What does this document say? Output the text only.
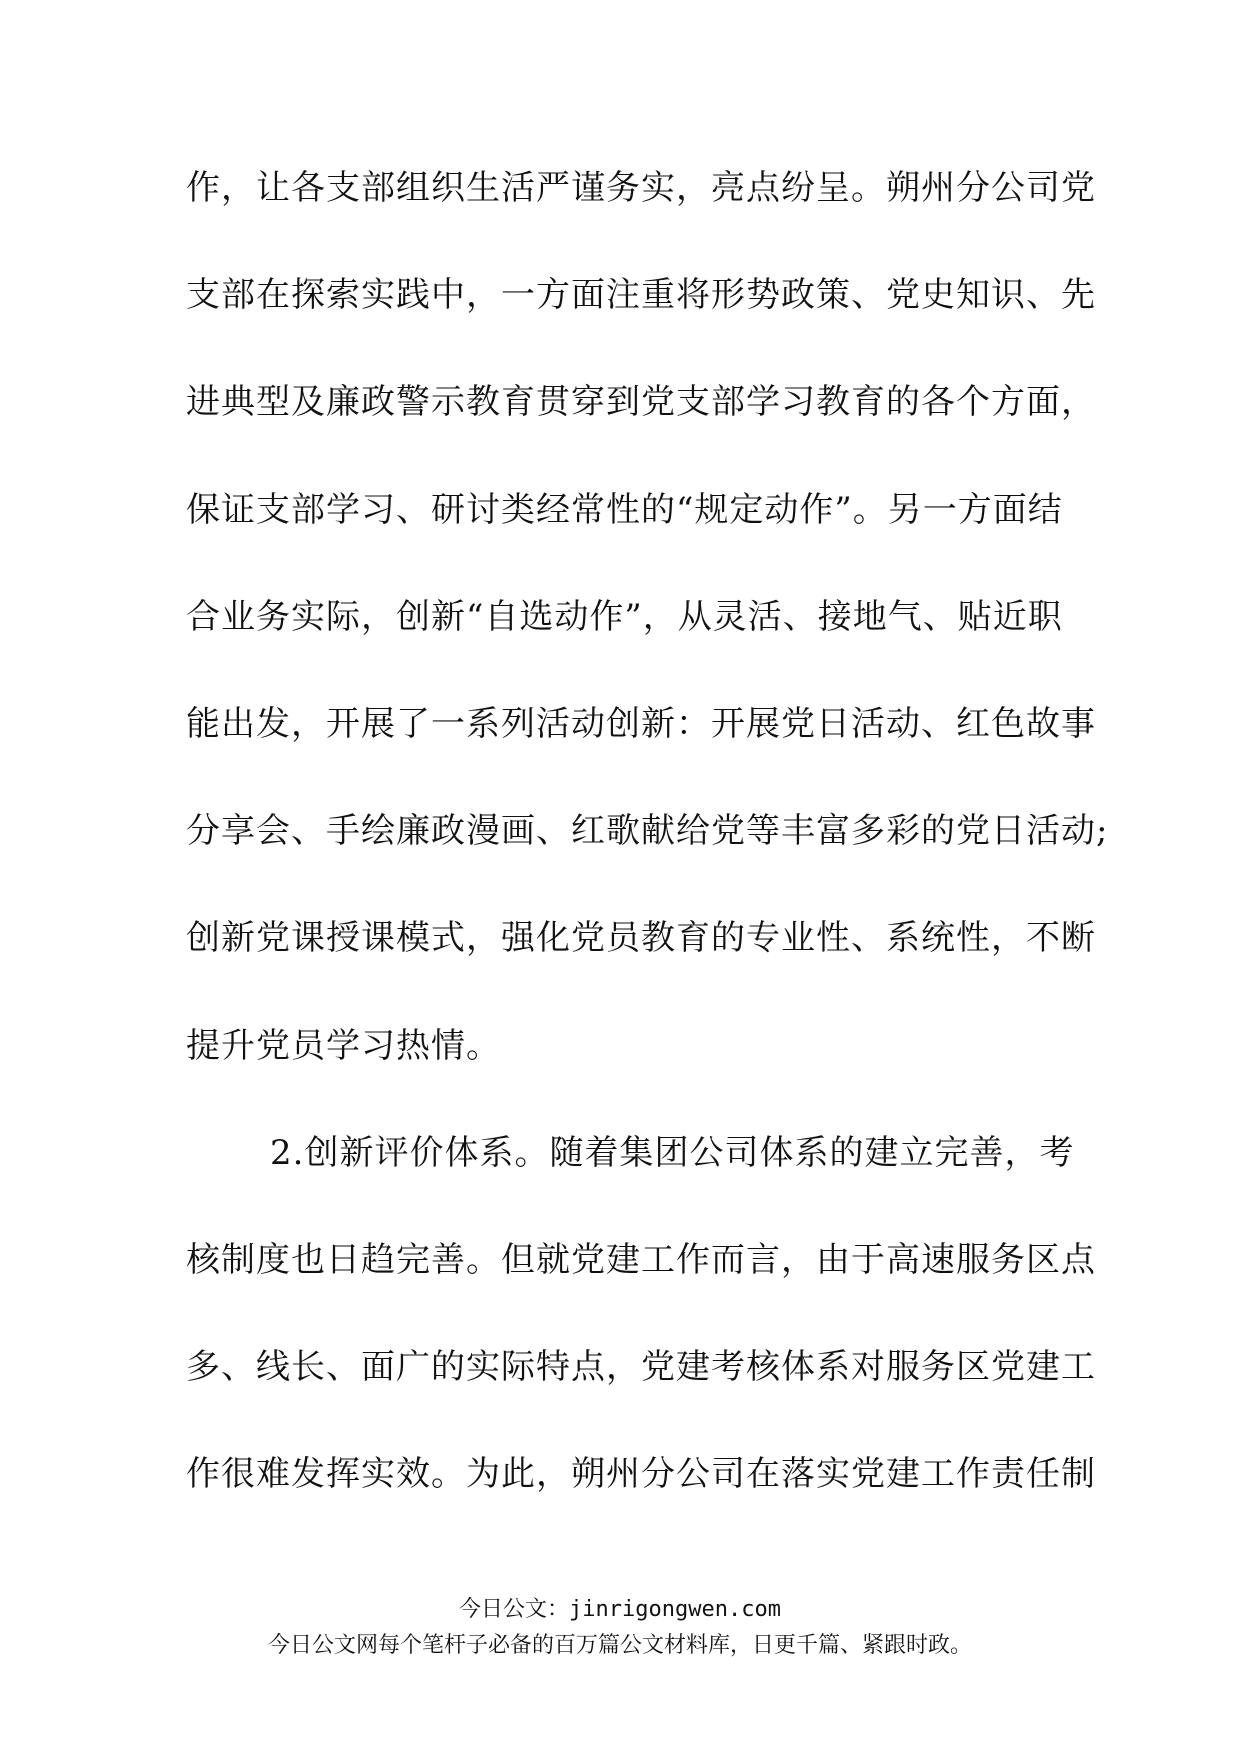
作，让各支部组织生活严谨务实，亮点纷呈。朔州分公司党
支部在探索实践中，一方面注重将形势政策、党史知识、先
进典型及廉政警示教育贯穿到党支部学习教育的各个方面，
保证支部学习、研讨类经常性的“规定动作”。另一方面结
合业务实际，创新“自选动作”，从灵活、接地气、贴近职
能出发，开展了一系列活动创新：开展党日活动、红色故事
分享会、手绘廉政漫画、红歌献给党等丰富多彩的党日活动;
创新党课授课模式，强化党员教育的专业性、系统性，不断
提升党员学习热情。
2.创新评价体系。随着集团公司体系的建立完善，考
核制度也日趋完善。但就党建工作而言，由于高速服务区点
多、线长、面广的实际特点，党建考核体系对服务区党建工
作很难发挥实效。为此，朔州分公司在落实党建工作责任制
今日公文：jinrigongwen.com
今日公文网每个笔杆子必备的百万篇公文材料库，日更千篇、紧跟时政。
